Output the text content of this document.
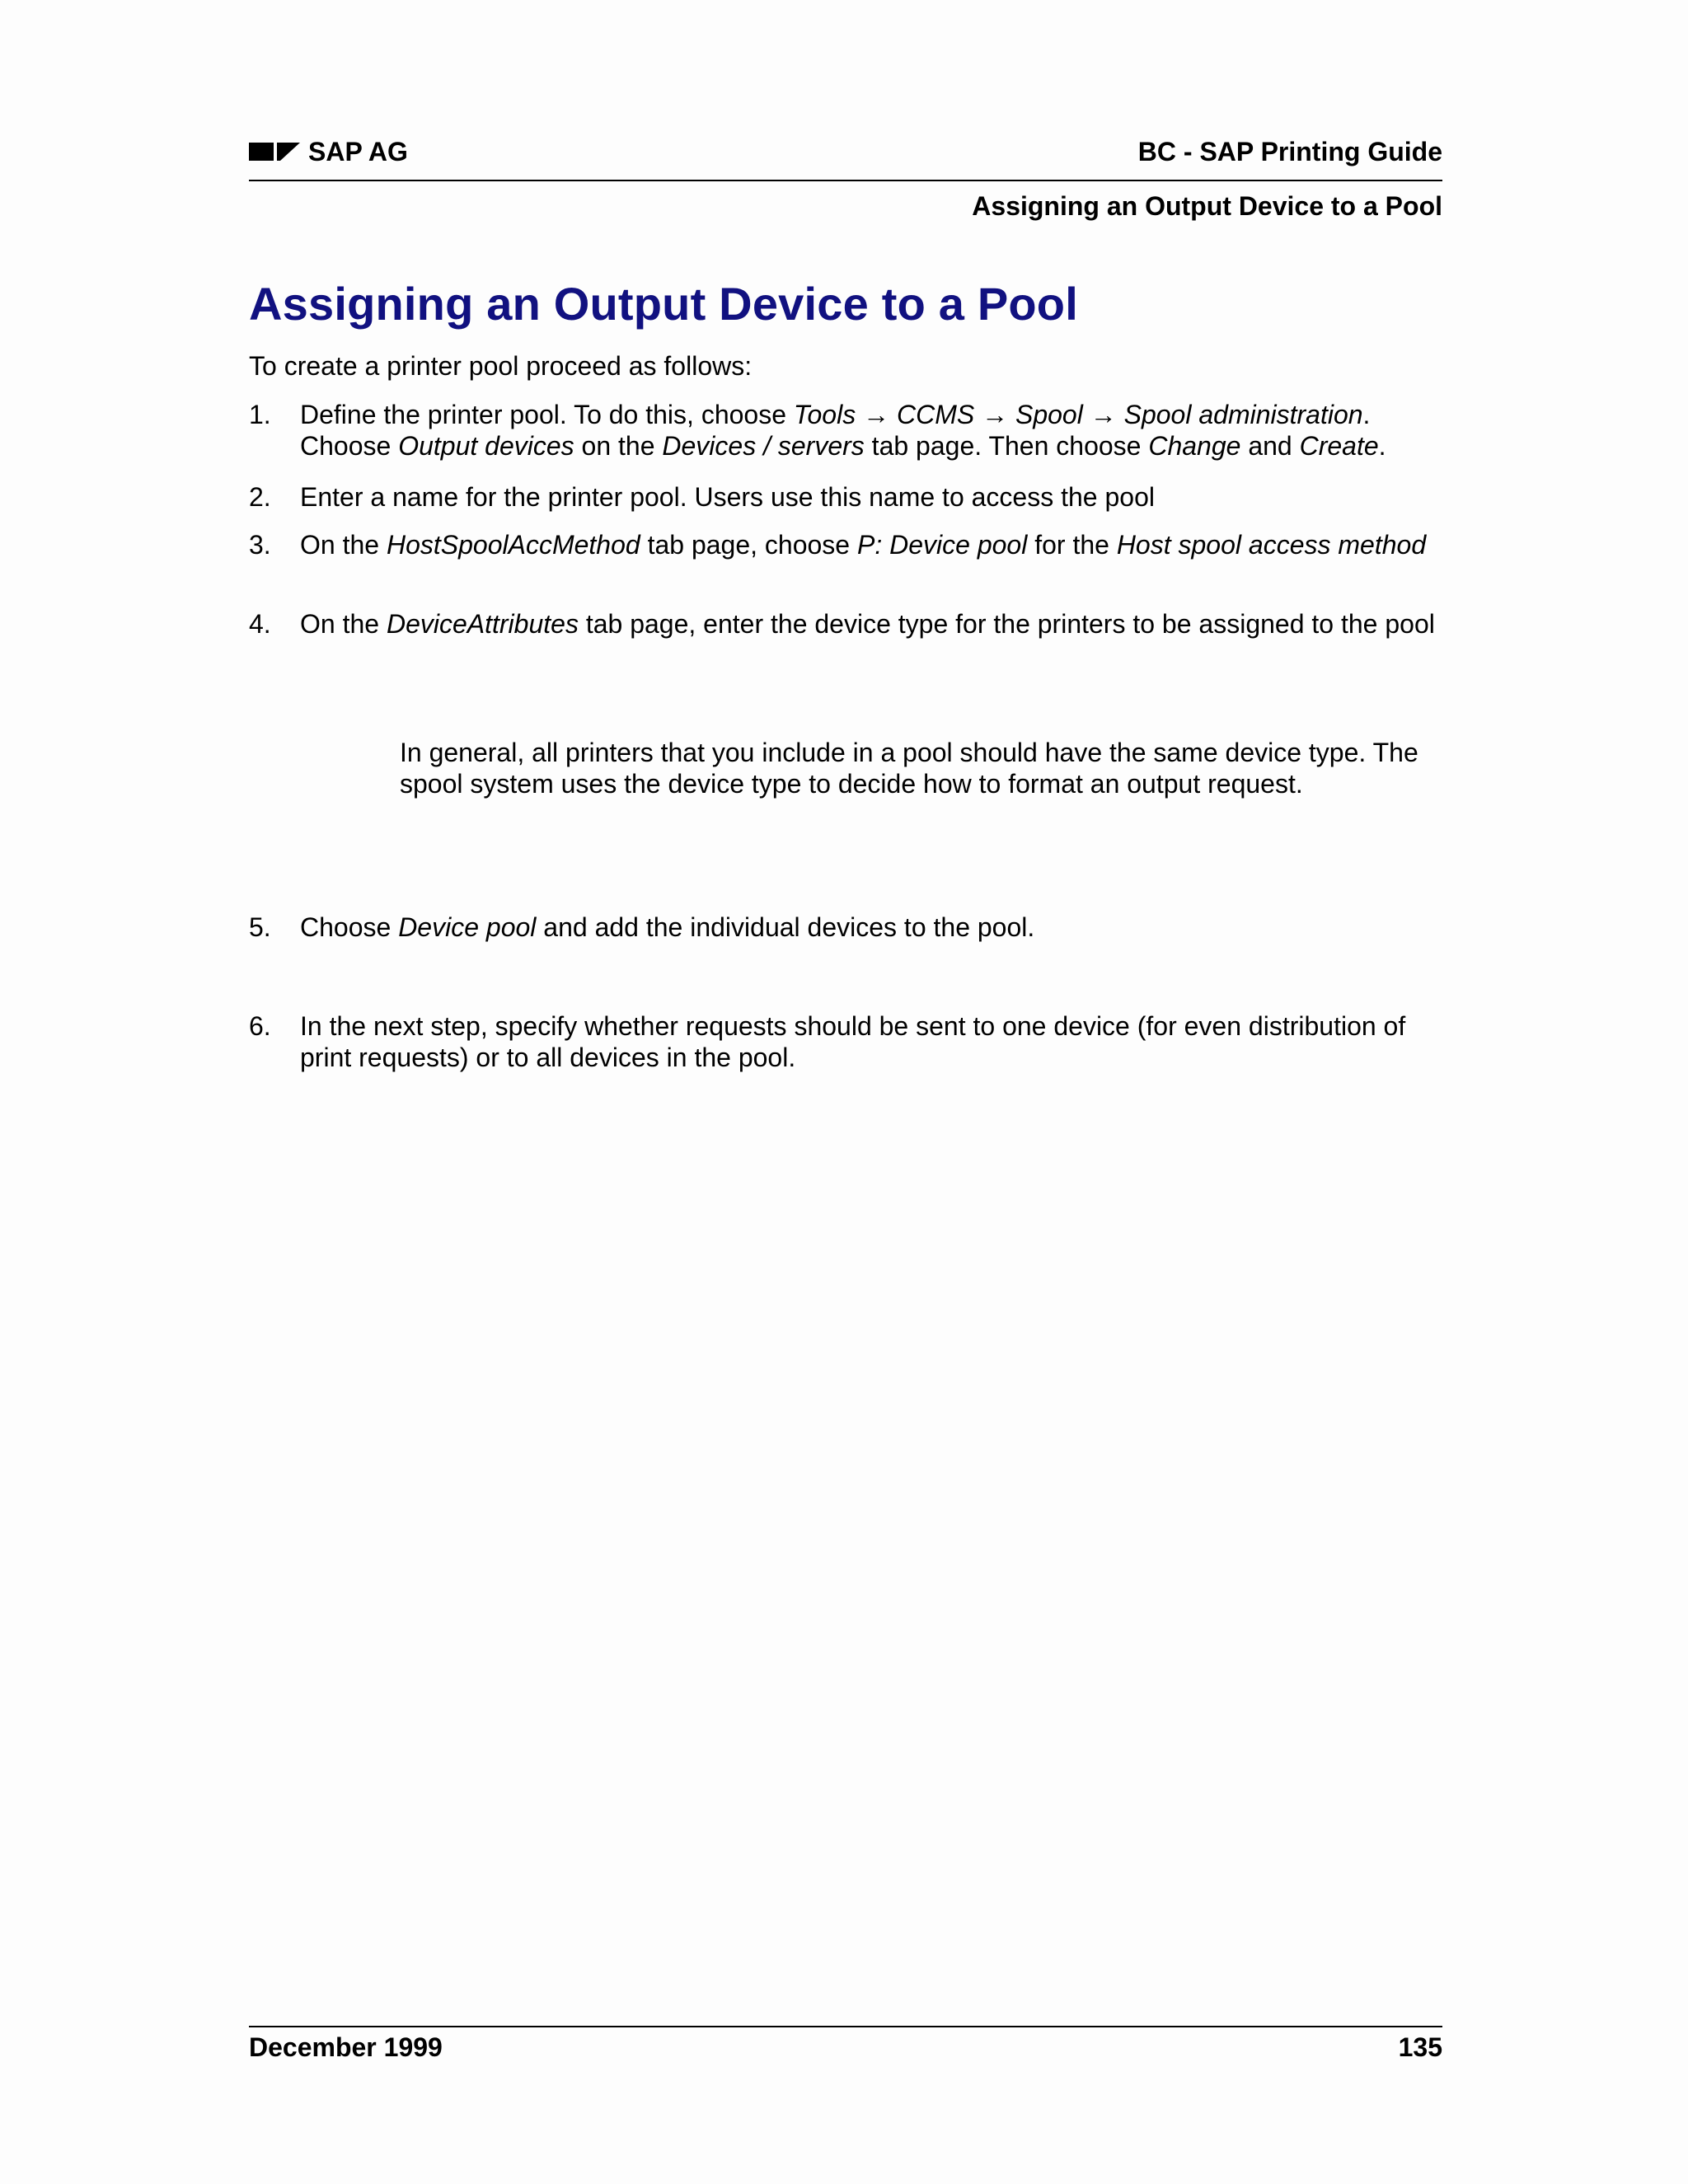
SAP AG	BC - SAP Printing Guide
Assigning an Output Device to a Pool
Assigning an Output Device to a Pool
To create a printer pool proceed as follows:
1. Define the printer pool. To do this, choose Tools → CCMS → Spool → Spool administration. Choose Output devices on the Devices / servers tab page. Then choose Change and Create.
2. Enter a name for the printer pool. Users use this name to access the pool
3. On the HostSpoolAccMethod tab page, choose P: Device pool for the Host spool access method
4. On the DeviceAttributes tab page, enter the device type for the printers to be assigned to the pool
5. Choose Device pool and add the individual devices to the pool.
6. In the next step, specify whether requests should be sent to one device (for even distribution of print requests) or to all devices in the pool.
In general, all printers that you include in a pool should have the same device type. The spool system uses the device type to decide how to format an output request.
December 1999	135
